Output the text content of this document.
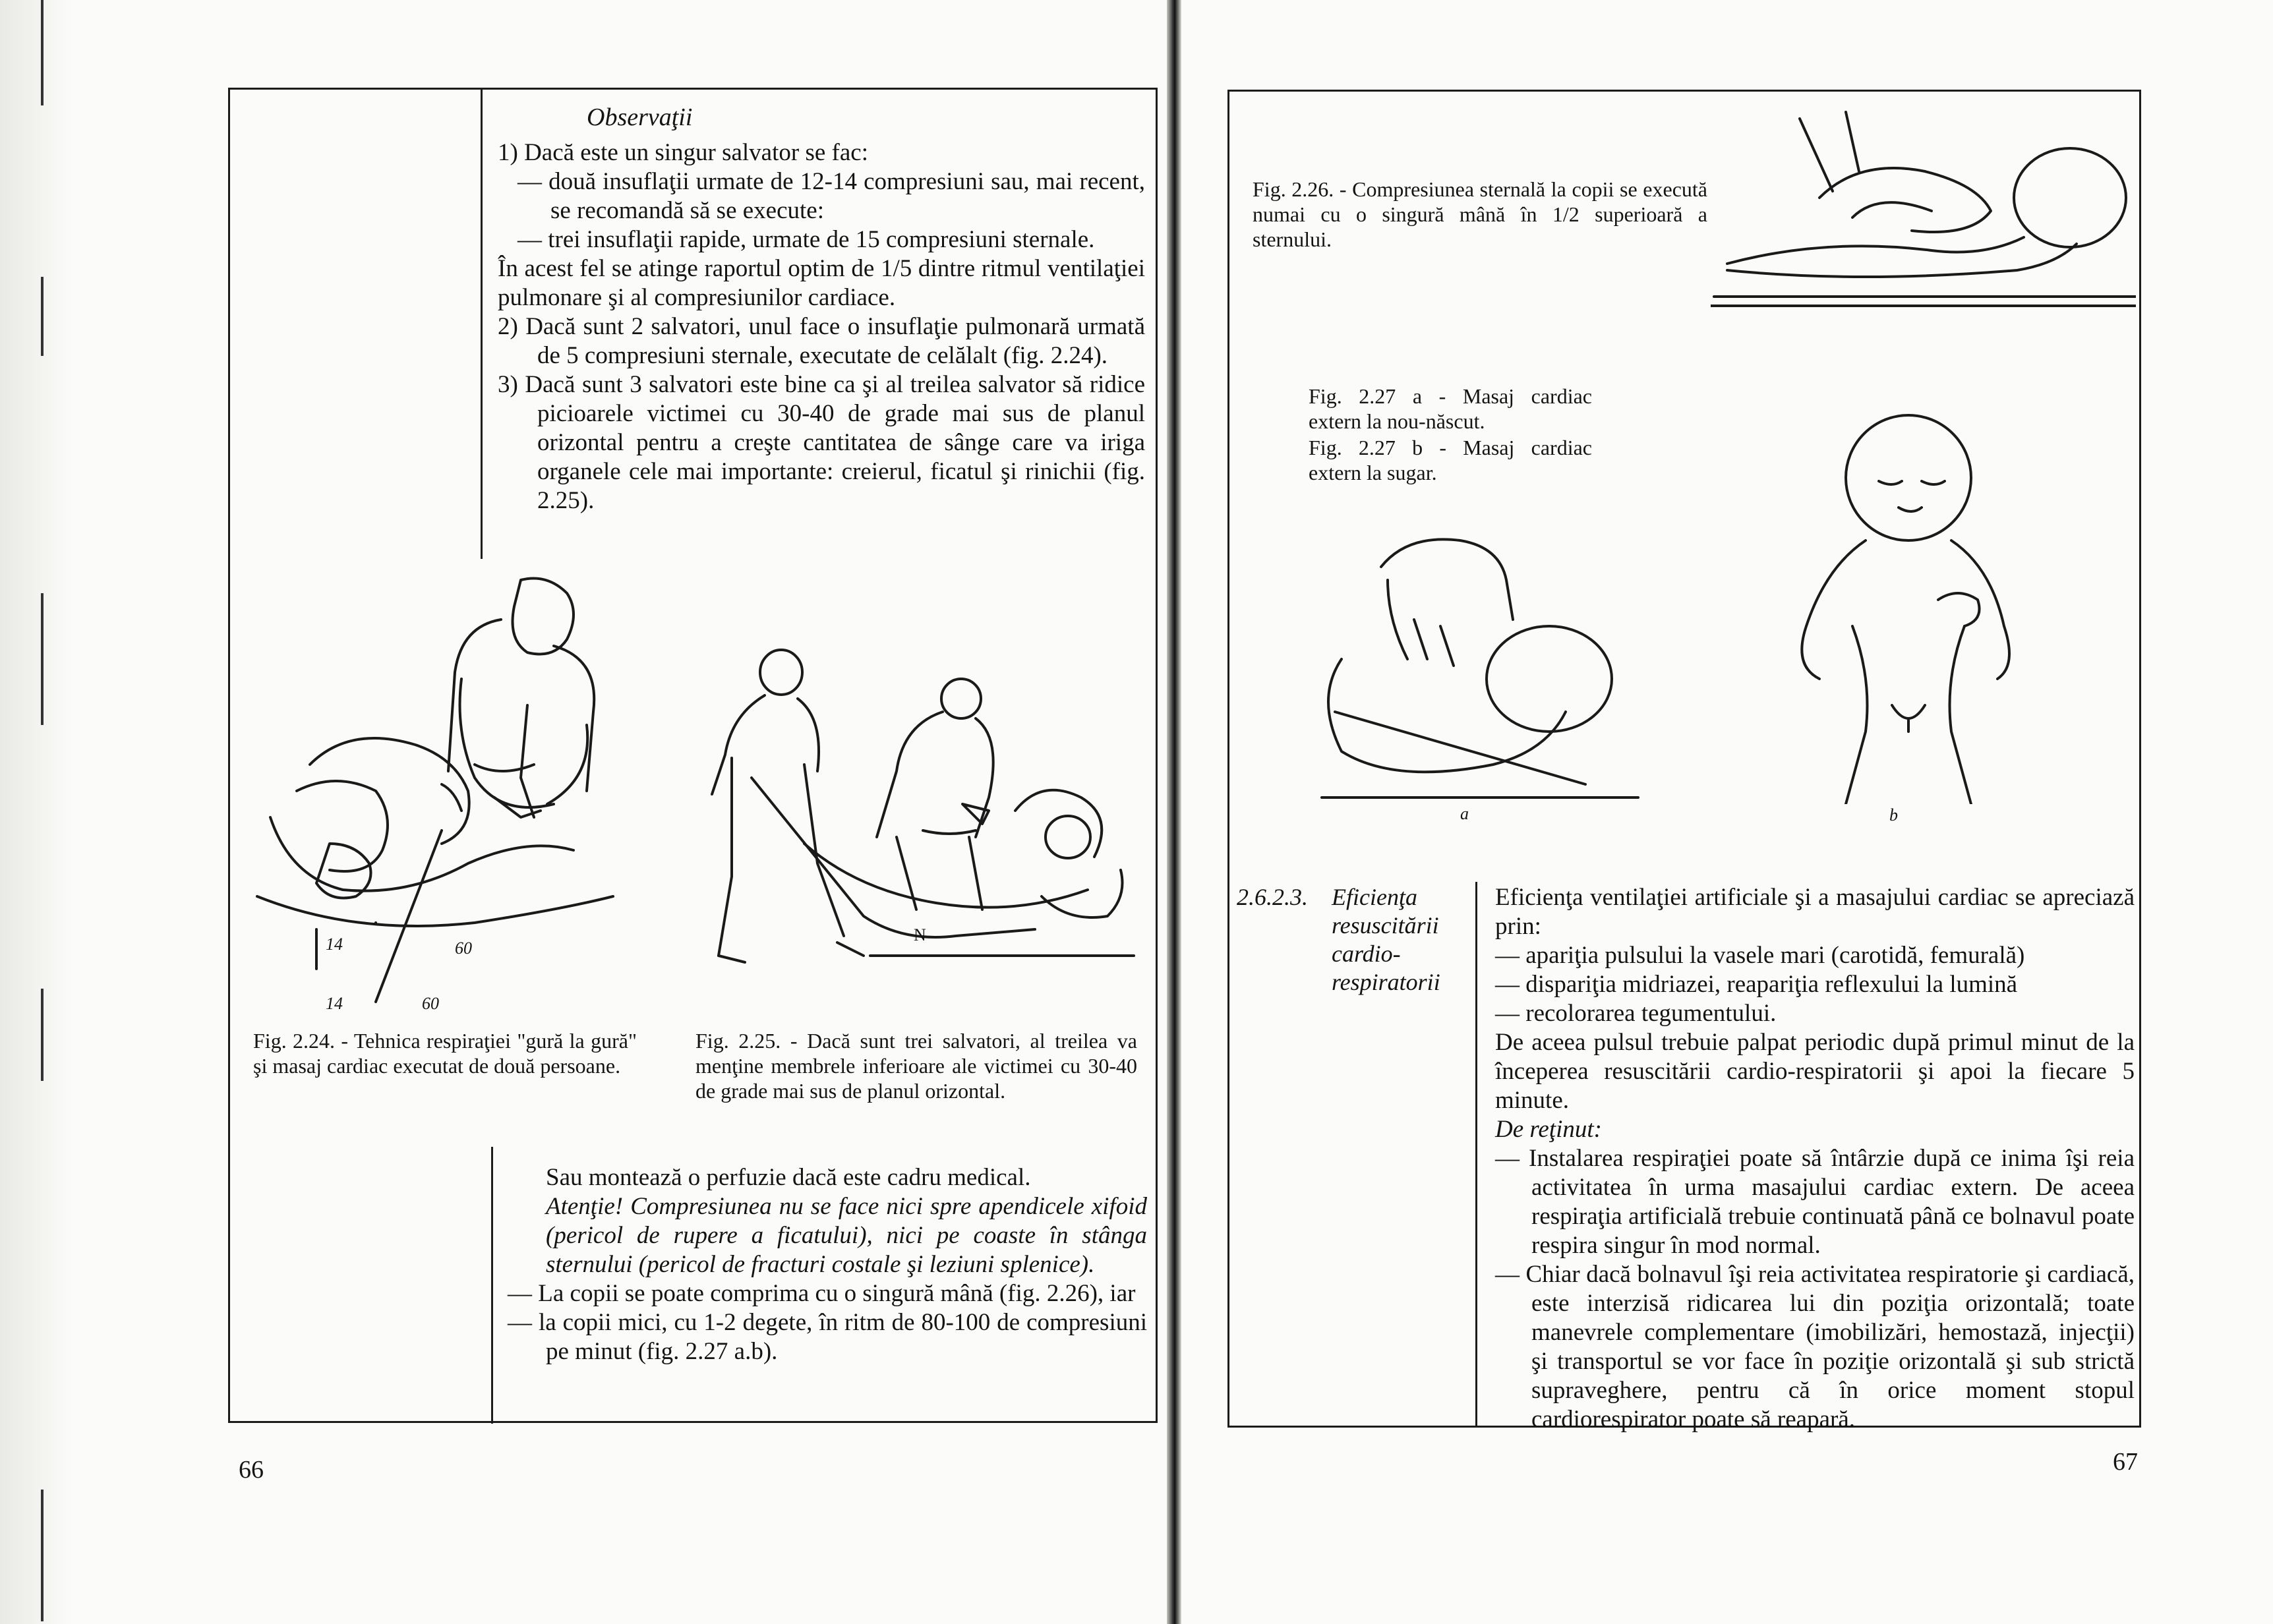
Observaţii

1) Dacă este un singur salvator se fac:

— două insuflaţii urmate de 12-14 compresiuni sau, mai recent, se recomandă să se execute:

— trei insuflaţii rapide, urmate de 15 compresiuni sternale.

În acest fel se atinge raportul optim de 1/5 dintre ritmul ventilaţiei pulmonare şi al compresiunilor cardiace.

2) Dacă sunt 2 salvatori, unul face o insuflaţie pulmonară urmată de 5 compresiuni sternale, executate de celălalt (fig. 2.24).

3) Dacă sunt 3 salvatori este bine ca şi al treilea salvator să ridice picioarele victimei cu 30-40 de grade mai sus de planul orizontal pentru a creşte cantitatea de sânge care va iriga organele cele mai importante: creierul, ficatul şi rinichii (fig. 2.25).

14	60
14	60
Fig. 2.24. - Tehnica respiraţiei "gură la gură" şi masaj cardiac executat de două persoane.
N
Fig. 2.25. - Dacă sunt trei salvatori, al treilea va menţine membrele inferioare ale victimei cu 30-40 de grade mai sus de planul orizontal.

Sau montează o perfuzie dacă este cadru medical.

Atenţie! Compresiunea nu se face nici spre apendicele xifoid (pericol de rupere a ficatului), nici pe coaste în stânga sternului (pericol de fracturi costale şi leziuni splenice).

— La copii se poate comprima cu o singură mână (fig. 2.26), iar

— la copii mici, cu 1-2 degete, în ritm de 80-100 de compresiuni pe minut (fig. 2.27 a.b).

66
Fig. 2.26. - Compresiunea sternală la copii se execută numai cu o singură mână în 1/2 superioară a sternului.
Fig. 2.27 a - Masaj cardiac extern la nou-născut.
Fig. 2.27 b - Masaj cardiac extern la sugar.
a	b
2.6.2.3. Eficienţa resuscitării cardio-respiratorii

Eficienţa ventilaţiei artificiale şi a masajului cardiac se apreciază prin:

— apariţia pulsului la vasele mari (carotidă, femurală)

— dispariţia midriazei, reapariţia reflexului la lumină

— recolorarea tegumentului.

De aceea pulsul trebuie palpat periodic după primul minut de la începerea resuscitării cardio-respiratorii şi apoi la fiecare 5 minute.

De reţinut:

— Instalarea respiraţiei poate să întârzie după ce inima îşi reia activitatea în urma masajului cardiac extern. De aceea respiraţia artificială trebuie continuată până ce bolnavul poate respira singur în mod normal.

— Chiar dacă bolnavul îşi reia activitatea respiratorie şi cardiacă, este interzisă ridicarea lui din poziţia orizontală; toate manevrele complementare (imobilizări, hemostază, injecţii) şi transportul se vor face în poziţie orizontală şi sub strictă supraveghere, pentru că în orice moment stopul cardiorespirator poate să reapară.

67
